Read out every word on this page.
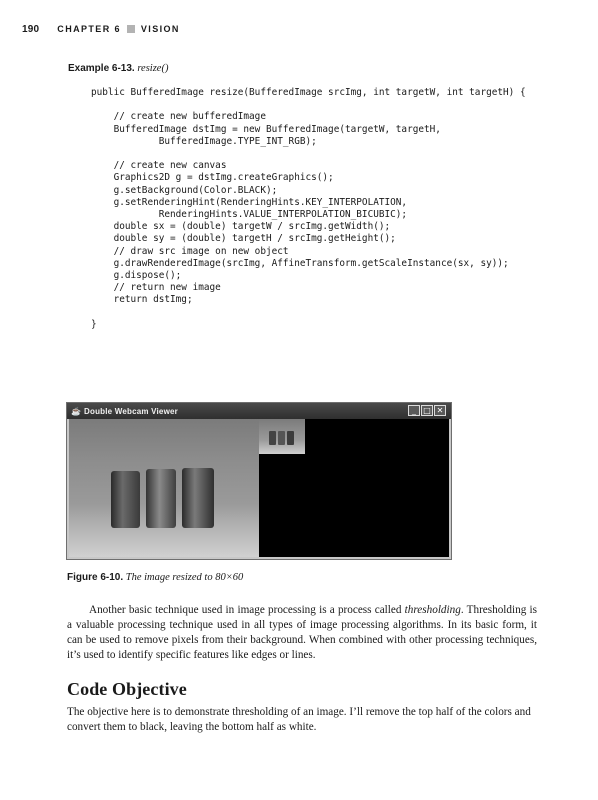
190 CHAPTER 6 VISION
Example 6-13. resize()
public BufferedImage resize(BufferedImage srcImg, int targetW, int targetH) {

// create new bufferedImage
BufferedImage dstImg = new BufferedImage(targetW, targetH,
BufferedImage.TYPE_INT_RGB);

// create new canvas
Graphics2D g = dstImg.createGraphics();
g.setBackground(Color.BLACK);
g.setRenderingHint(RenderingHints.KEY_INTERPOLATION,
RenderingHints.VALUE_INTERPOLATION_BICUBIC);
double sx = (double) targetW / srcImg.getWidth();
double sy = (double) targetH / srcImg.getHeight();
// draw src image on new object
g.drawRenderedImage(srcImg, AffineTransform.getScaleInstance(sx, sy));
g.dispose();
// return new image
return dstImg;

}
☕ Double Webcam Viewer	_ □ ✕
Figure 6-10. The image resized to 80×60

Another basic technique used in image processing is a process called thresholding. Thresholding is a valuable processing technique used in all types of image processing algorithms. In its basic form, it can be used to remove pixels from their background. When combined with other processing techniques, it’s used to identify specific features like edges or lines.

Code Objective

The objective here is to demonstrate thresholding of an image. I’ll remove the top half of the colors and convert them to black, leaving the bottom half as white.
